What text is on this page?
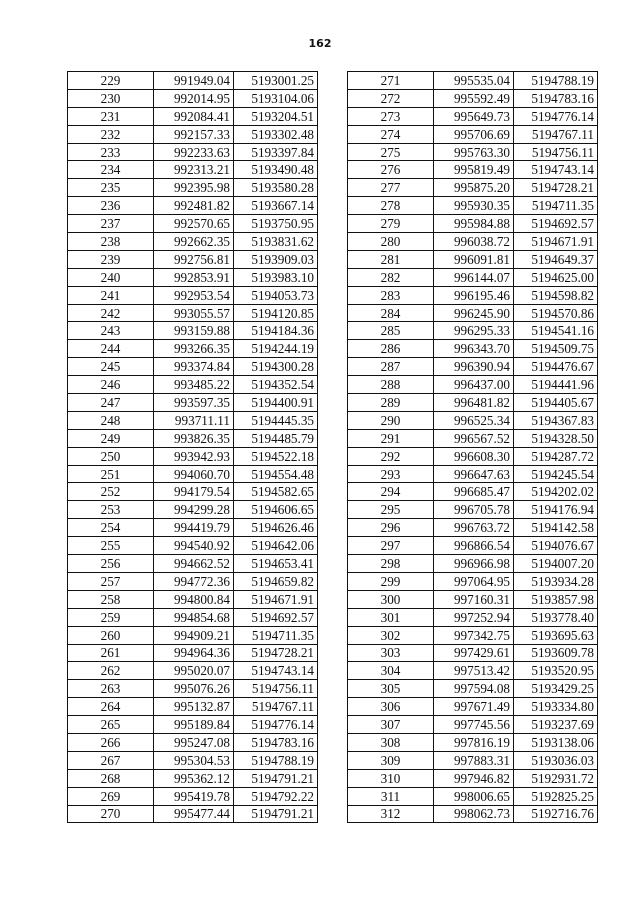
162
229	991949.04	5193001.25
230	992014.95	5193104.06
231	992084.41	5193204.51
232	992157.33	5193302.48
233	992233.63	5193397.84
234	992313.21	5193490.48
235	992395.98	5193580.28
236	992481.82	5193667.14
237	992570.65	5193750.95
238	992662.35	5193831.62
239	992756.81	5193909.03
240	992853.91	5193983.10
241	992953.54	5194053.73
242	993055.57	5194120.85
243	993159.88	5194184.36
244	993266.35	5194244.19
245	993374.84	5194300.28
246	993485.22	5194352.54
247	993597.35	5194400.91
248	993711.11	5194445.35
249	993826.35	5194485.79
250	993942.93	5194522.18
251	994060.70	5194554.48
252	994179.54	5194582.65
253	994299.28	5194606.65
254	994419.79	5194626.46
255	994540.92	5194642.06
256	994662.52	5194653.41
257	994772.36	5194659.82
258	994800.84	5194671.91
259	994854.68	5194692.57
260	994909.21	5194711.35
261	994964.36	5194728.21
262	995020.07	5194743.14
263	995076.26	5194756.11
264	995132.87	5194767.11
265	995189.84	5194776.14
266	995247.08	5194783.16
267	995304.53	5194788.19
268	995362.12	5194791.21
269	995419.78	5194792.22
270	995477.44	5194791.21
271	995535.04	5194788.19
272	995592.49	5194783.16
273	995649.73	5194776.14
274	995706.69	5194767.11
275	995763.30	5194756.11
276	995819.49	5194743.14
277	995875.20	5194728.21
278	995930.35	5194711.35
279	995984.88	5194692.57
280	996038.72	5194671.91
281	996091.81	5194649.37
282	996144.07	5194625.00
283	996195.46	5194598.82
284	996245.90	5194570.86
285	996295.33	5194541.16
286	996343.70	5194509.75
287	996390.94	5194476.67
288	996437.00	5194441.96
289	996481.82	5194405.67
290	996525.34	5194367.83
291	996567.52	5194328.50
292	996608.30	5194287.72
293	996647.63	5194245.54
294	996685.47	5194202.02
295	996705.78	5194176.94
296	996763.72	5194142.58
297	996866.54	5194076.67
298	996966.98	5194007.20
299	997064.95	5193934.28
300	997160.31	5193857.98
301	997252.94	5193778.40
302	997342.75	5193695.63
303	997429.61	5193609.78
304	997513.42	5193520.95
305	997594.08	5193429.25
306	997671.49	5193334.80
307	997745.56	5193237.69
308	997816.19	5193138.06
309	997883.31	5193036.03
310	997946.82	5192931.72
311	998006.65	5192825.25
312	998062.73	5192716.76
